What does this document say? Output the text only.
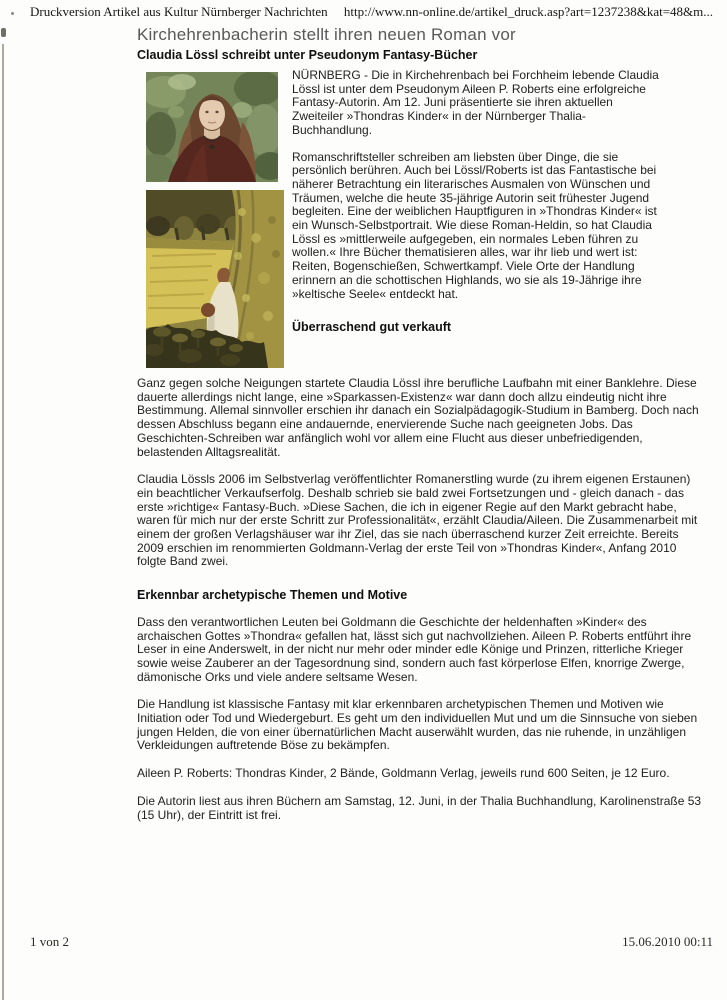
Druckversion Artikel aus Kultur Nürnberger Nachrichten http://www.nn-online.de/artikel_druck.asp?art=1237238&kat=48&m...
Kirchehrenbacherin stellt ihren neuen Roman vor
Claudia Lössl schreibt unter Pseudonym Fantasy-Bücher

NÜRNBERG - Die in Kirchehrenbach bei Forchheim lebende Claudia Lössl ist unter dem Pseudonym Aileen P. Roberts eine erfolgreiche Fantasy-Autorin. Am 12. Juni präsentierte sie ihren aktuellen Zweiteiler »Thondras Kinder« in der Nürnberger Thalia-Buchhandlung.

Romanschriftsteller schreiben am liebsten über Dinge, die sie persönlich berühren. Auch bei Lössl/Roberts ist das Fantastische bei näherer Betrachtung ein literarisches Ausmalen von Wünschen und Träumen, welche die heute 35-jährige Autorin seit frühester Jugend begleiten. Eine der weiblichen Hauptfiguren in »Thondras Kinder« ist ein Wunsch-Selbstportrait. Wie diese Roman-Heldin, so hat Claudia Lössl es »mittlerweile aufgegeben, ein normales Leben führen zu wollen.« Ihre Bücher thematisieren alles, war ihr lieb und wert ist: Reiten, Bogenschießen, Schwertkampf. Viele Orte der Handlung erinnern an die schottischen Highlands, wo sie als 19-Jährige ihre »keltische Seele« entdeckt hat.

Überraschend gut verkauft

Ganz gegen solche Neigungen startete Claudia Lössl ihre berufliche Laufbahn mit einer Banklehre. Diese dauerte allerdings nicht lange, eine »Sparkassen-Existenz« war dann doch allzu eindeutig nicht ihre Bestimmung. Allemal sinnvoller erschien ihr danach ein Sozialpädagogik-Studium in Bamberg. Doch nach dessen Abschluss begann eine andauernde, enervierende Suche nach geeigneten Jobs. Das Geschichten-Schreiben war anfänglich wohl vor allem eine Flucht aus dieser unbefriedigenden, belastenden Alltagsrealität.

Claudia Lössls 2006 im Selbstverlag veröffentlichter Romanerstling wurde (zu ihrem eigenen Erstaunen) ein beachtlicher Verkaufserfolg. Deshalb schrieb sie bald zwei Fortsetzungen und - gleich danach - das erste »richtige« Fantasy-Buch. »Diese Sachen, die ich in eigener Regie auf den Markt gebracht habe, waren für mich nur der erste Schritt zur Professionalität«, erzählt Claudia/Aileen. Die Zusammenarbeit mit einem der großen Verlagshäuser war ihr Ziel, das sie nach überraschend kurzer Zeit erreichte. Bereits 2009 erschien im renommierten Goldmann-Verlag der erste Teil von »Thondras Kinder«, Anfang 2010 folgte Band zwei.

Erkennbar archetypische Themen und Motive

Dass den verantwortlichen Leuten bei Goldmann die Geschichte der heldenhaften »Kinder« des archaischen Gottes »Thondra« gefallen hat, lässt sich gut nachvollziehen. Aileen P. Roberts entführt ihre Leser in eine Anderswelt, in der nicht nur mehr oder minder edle Könige und Prinzen, ritterliche Krieger sowie weise Zauberer an der Tagesordnung sind, sondern auch fast körperlose Elfen, knorrige Zwerge, dämonische Orks und viele andere seltsame Wesen.

Die Handlung ist klassische Fantasy mit klar erkennbaren archetypischen Themen und Motiven wie Initiation oder Tod und Wiedergeburt. Es geht um den individuellen Mut und um die Sinnsuche von sieben jungen Helden, die von einer übernatürlichen Macht auserwählt wurden, das nie ruhende, in unzähligen Verkleidungen auftretende Böse zu bekämpfen.

Aileen P. Roberts: Thondras Kinder, 2 Bände, Goldmann Verlag, jeweils rund 600 Seiten, je 12 Euro.

Die Autorin liest aus ihren Büchern am Samstag, 12. Juni, in der Thalia Buchhandlung, Karolinenstraße 53 (15 Uhr), der Eintritt ist frei.

1 von 2	15.06.2010 00:11
